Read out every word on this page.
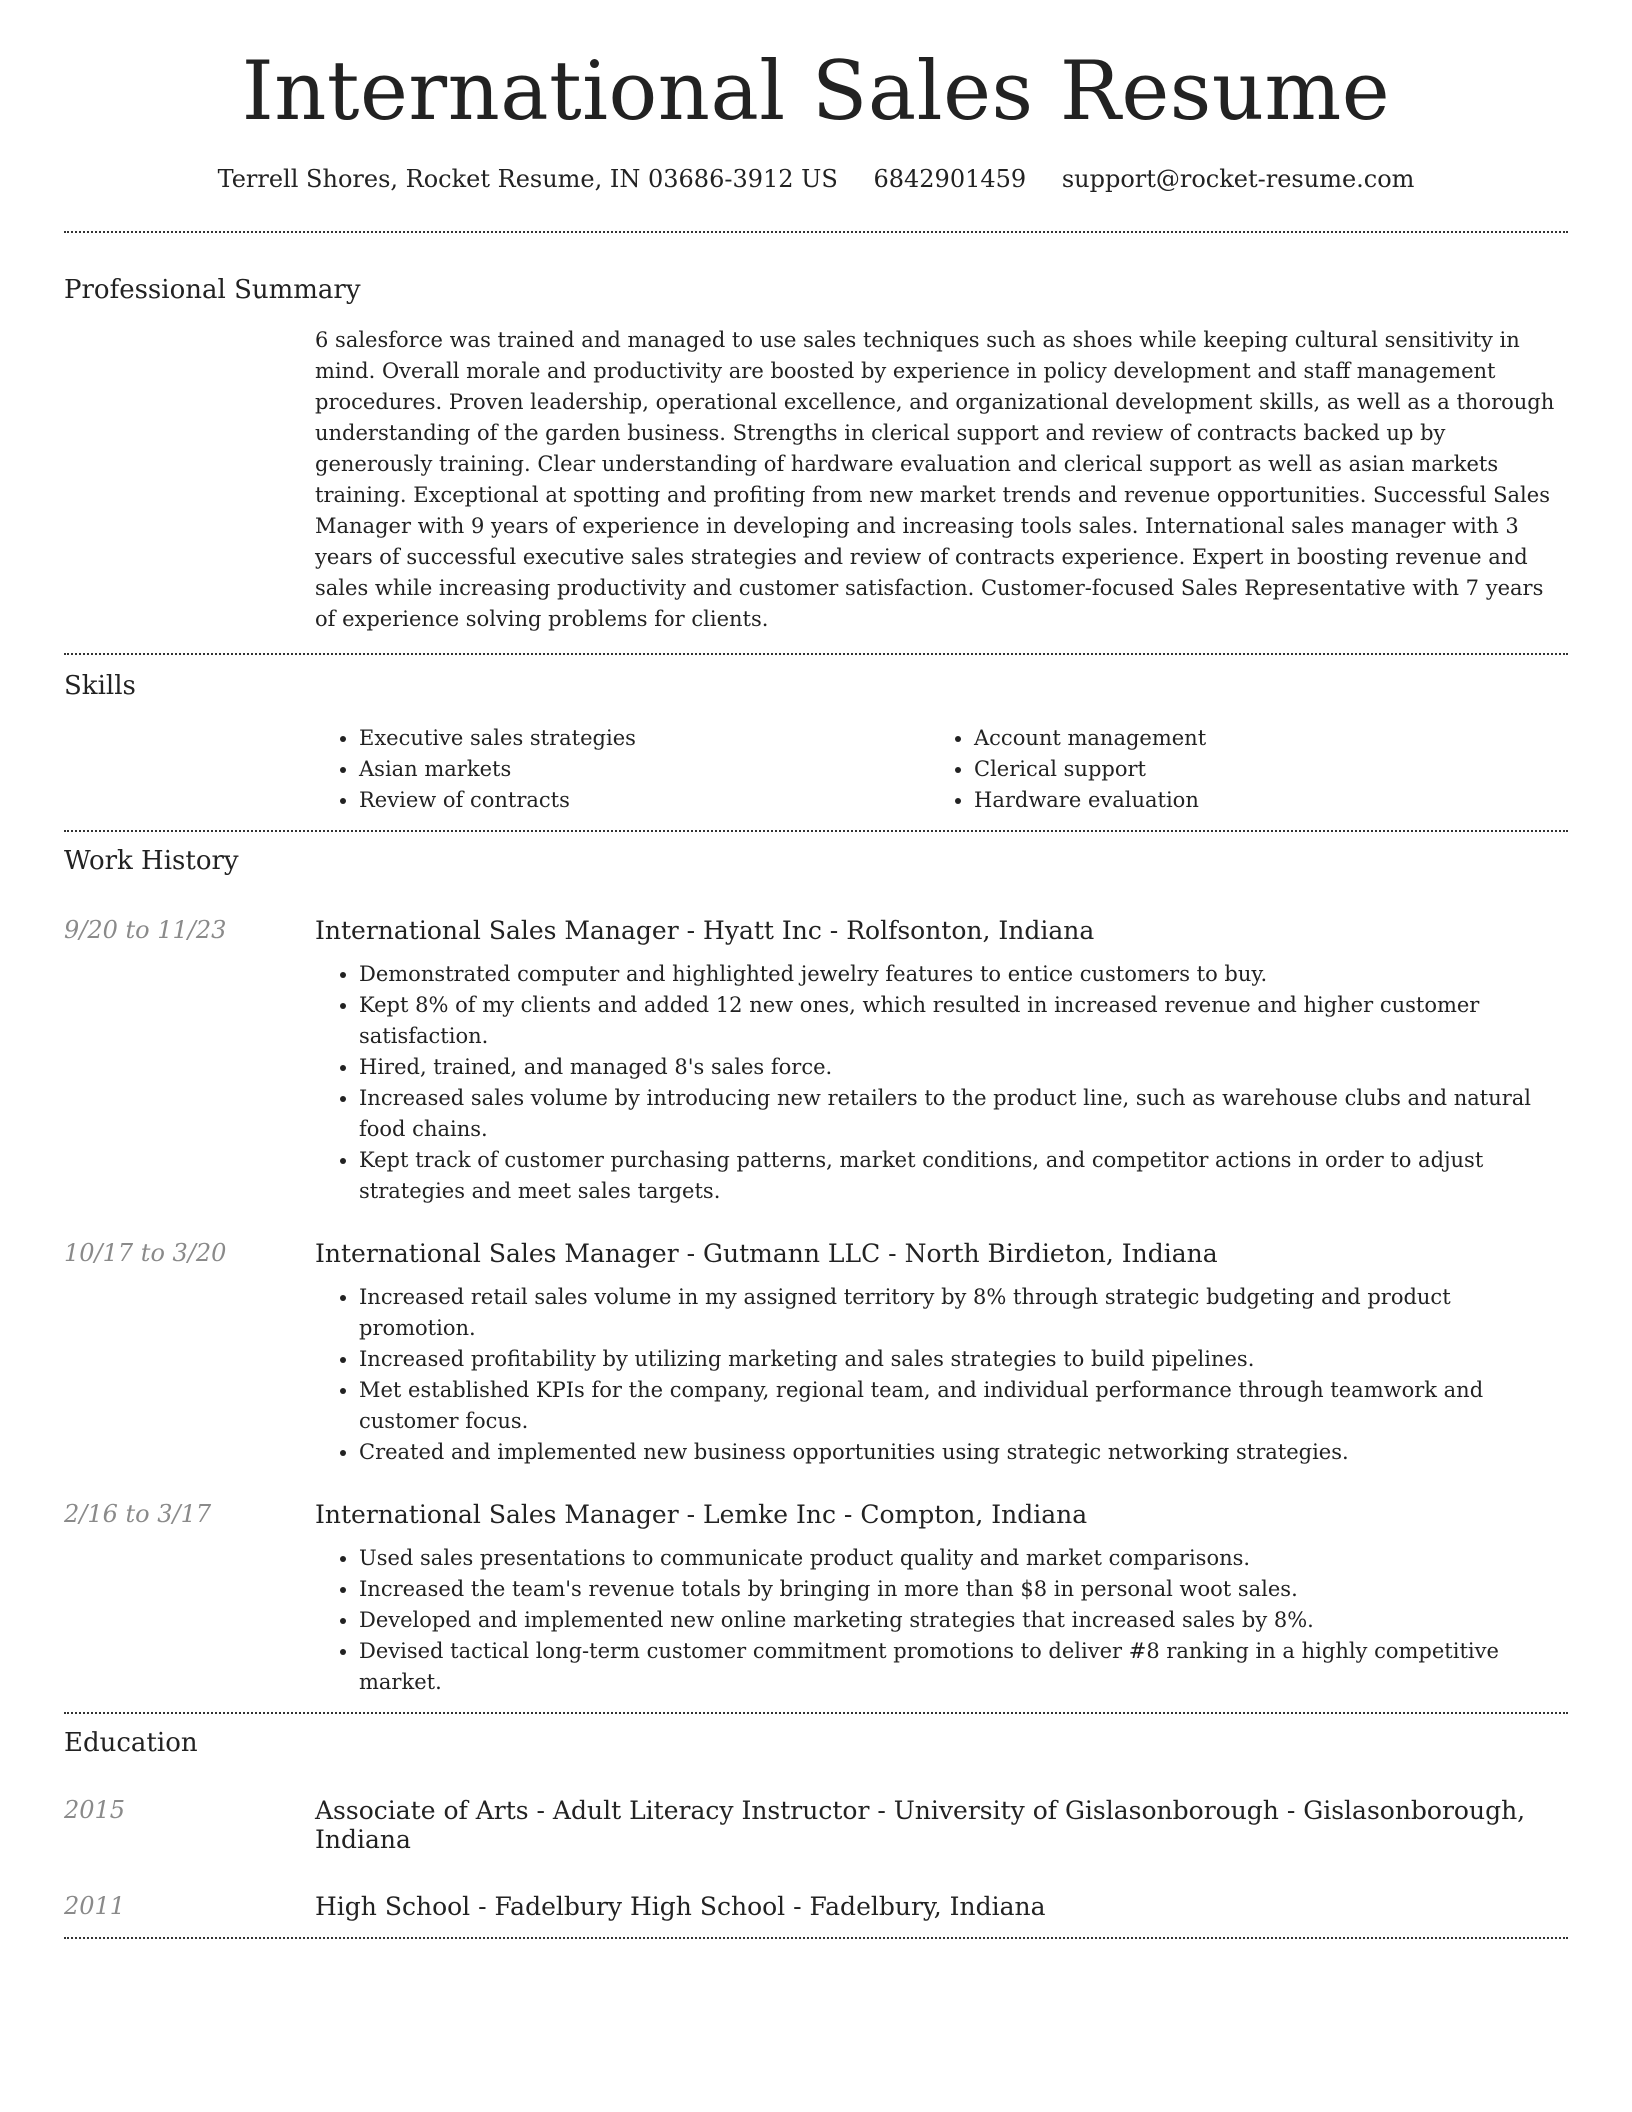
International Sales Resume
Terrell Shores, Rocket Resume, IN 03686-3912 US 6842901459 support@rocket-resume.com
Professional Summary
6 salesforce was trained and managed to use sales techniques such as shoes while keeping cultural sensitivity in mind. Overall morale and productivity are boosted by experience in policy development and staff management procedures. Proven leadership, operational excellence, and organizational development skills, as well as a thorough understanding of the garden business. Strengths in clerical support and review of contracts backed up by generously training. Clear understanding of hardware evaluation and clerical support as well as asian markets training. Exceptional at spotting and profiting from new market trends and revenue opportunities. Successful Sales Manager with 9 years of experience in developing and increasing tools sales. International sales manager with 3 years of successful executive sales strategies and review of contracts experience. Expert in boosting revenue and sales while increasing productivity and customer satisfaction. Customer-focused Sales Representative with 7 years of experience solving problems for clients.
Skills
• Executive sales strategies
• Asian markets
• Review of contracts
• Account management
• Clerical support
• Hardware evaluation
Work History
9/20 to 11/23	International Sales Manager - Hyatt Inc - Rolfsonton, Indiana
• Demonstrated computer and highlighted jewelry features to entice customers to buy.
• Kept 8% of my clients and added 12 new ones, which resulted in increased revenue and higher customer satisfaction.
• Hired, trained, and managed 8's sales force.
• Increased sales volume by introducing new retailers to the product line, such as warehouse clubs and natural food chains.
• Kept track of customer purchasing patterns, market conditions, and competitor actions in order to adjust strategies and meet sales targets.
10/17 to 3/20	International Sales Manager - Gutmann LLC - North Birdieton, Indiana
• Increased retail sales volume in my assigned territory by 8% through strategic budgeting and product promotion.
• Increased profitability by utilizing marketing and sales strategies to build pipelines.
• Met established KPIs for the company, regional team, and individual performance through teamwork and customer focus.
• Created and implemented new business opportunities using strategic networking strategies.
2/16 to 3/17	International Sales Manager - Lemke Inc - Compton, Indiana
• Used sales presentations to communicate product quality and market comparisons.
• Increased the team's revenue totals by bringing in more than $8 in personal woot sales.
• Developed and implemented new online marketing strategies that increased sales by 8%.
• Devised tactical long-term customer commitment promotions to deliver #8 ranking in a highly competitive market.
Education
2015	Associate of Arts - Adult Literacy Instructor - University of Gislasonborough - Gislasonborough, Indiana
2011	High School - Fadelbury High School - Fadelbury, Indiana
